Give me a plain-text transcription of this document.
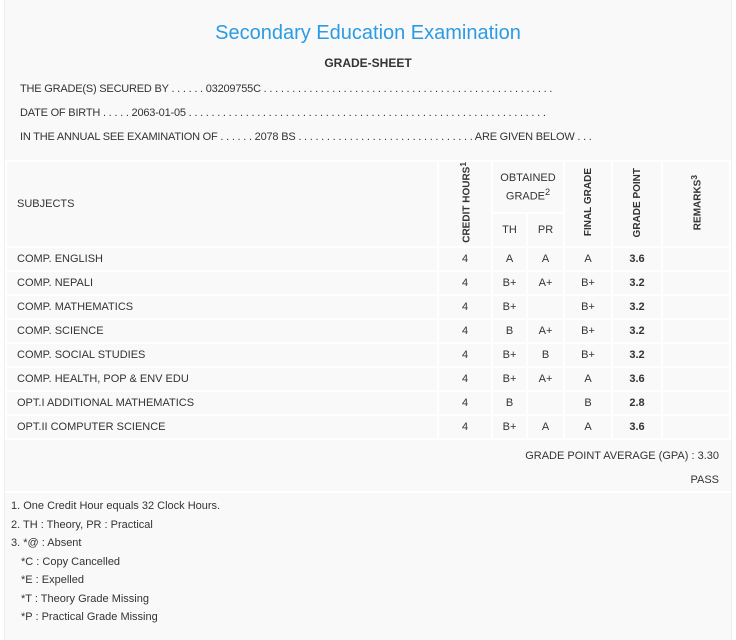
Secondary Education Examination
GRADE-SHEET
THE GRADE(S) SECURED BY . . . . . . 03209755C . . . . . . . . . . . . . . . . . . . . . . . . . . . . . . . . . . . . . . . . . . . . . . . . . . .
DATE OF BIRTH . . . . . 2063-01-05 . . . . . . . . . . . . . . . . . . . . . . . . . . . . . . . . . . . . . . . . . . . . . . . . . . . . . . . . . . . . . . .
IN THE ANNUAL SEE EXAMINATION OF . . . . . . 2078 BS . . . . . . . . . . . . . . . . . . . . . . . . . . . . . . . ARE GIVEN BELOW . . .
SUBJECTS	CREDIT HOURS$^1$	OBTAINED GRADE$^2$		FINAL GRADE	GRADE POINT	REMARKS$^3$
		TH	PR			
COMP. ENGLISH	4	A	A	A	3.6	
COMP. NEPALI	4	B+	A+	B+	3.2	
COMP. MATHEMATICS	4	B+		B+	3.2	
COMP. SCIENCE	4	B	A+	B+	3.2	
COMP. SOCIAL STUDIES	4	B+	B	B+	3.2	
COMP. HEALTH, POP & ENV EDU	4	B+	A+	A	3.6	
OPT.I ADDITIONAL MATHEMATICS	4	B		B	2.8	
OPT.II COMPUTER SCIENCE	4	B+	A	A	3.6	
GRADE POINT AVERAGE (GPA) : 3.30
PASS
1. One Credit Hour equals 32 Clock Hours.
2. TH : Theory, PR : Practical
3. *@ : Absent
*C : Copy Cancelled
*E : Expelled
*T : Theory Grade Missing
*P : Practical Grade Missing
